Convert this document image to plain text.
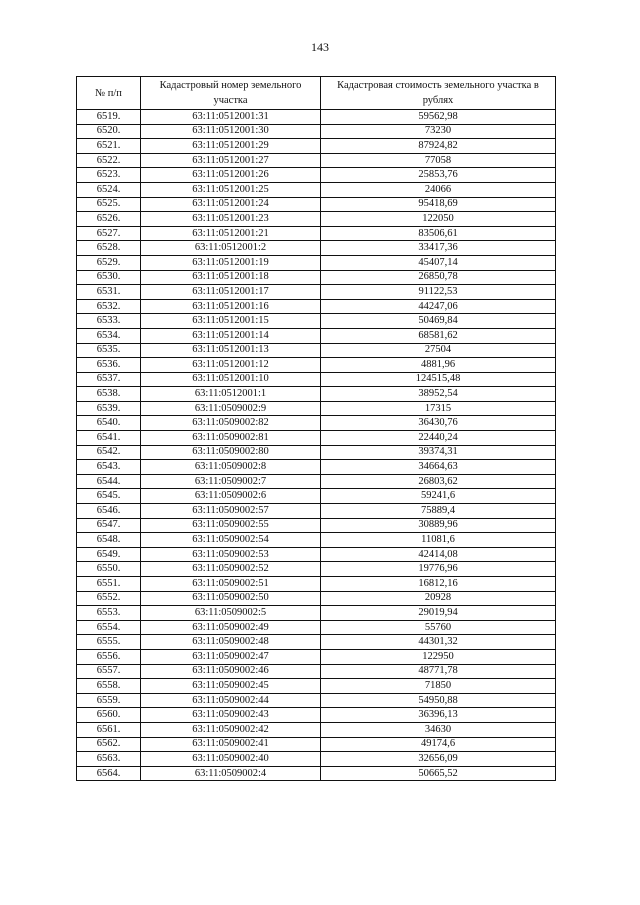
143
№ п/п	Кадастровый номер земельного участка	Кадастровая стоимость земельного участка в рублях
6519.	63:11:0512001:31	59562,98
6520.	63:11:0512001:30	73230
6521.	63:11:0512001:29	87924,82
6522.	63:11:0512001:27	77058
6523.	63:11:0512001:26	25853,76
6524.	63:11:0512001:25	24066
6525.	63:11:0512001:24	95418,69
6526.	63:11:0512001:23	122050
6527.	63:11:0512001:21	83506,61
6528.	63:11:0512001:2	33417,36
6529.	63:11:0512001:19	45407,14
6530.	63:11:0512001:18	26850,78
6531.	63:11:0512001:17	91122,53
6532.	63:11:0512001:16	44247,06
6533.	63:11:0512001:15	50469,84
6534.	63:11:0512001:14	68581,62
6535.	63:11:0512001:13	27504
6536.	63:11:0512001:12	4881,96
6537.	63:11:0512001:10	124515,48
6538.	63:11:0512001:1	38952,54
6539.	63:11:0509002:9	17315
6540.	63:11:0509002:82	36430,76
6541.	63:11:0509002:81	22440,24
6542.	63:11:0509002:80	39374,31
6543.	63:11:0509002:8	34664,63
6544.	63:11:0509002:7	26803,62
6545.	63:11:0509002:6	59241,6
6546.	63:11:0509002:57	75889,4
6547.	63:11:0509002:55	30889,96
6548.	63:11:0509002:54	11081,6
6549.	63:11:0509002:53	42414,08
6550.	63:11:0509002:52	19776,96
6551.	63:11:0509002:51	16812,16
6552.	63:11:0509002:50	20928
6553.	63:11:0509002:5	29019,94
6554.	63:11:0509002:49	55760
6555.	63:11:0509002:48	44301,32
6556.	63:11:0509002:47	122950
6557.	63:11:0509002:46	48771,78
6558.	63:11:0509002:45	71850
6559.	63:11:0509002:44	54950,88
6560.	63:11:0509002:43	36396,13
6561.	63:11:0509002:42	34630
6562.	63:11:0509002:41	49174,6
6563.	63:11:0509002:40	32656,09
6564.	63:11:0509002:4	50665,52
